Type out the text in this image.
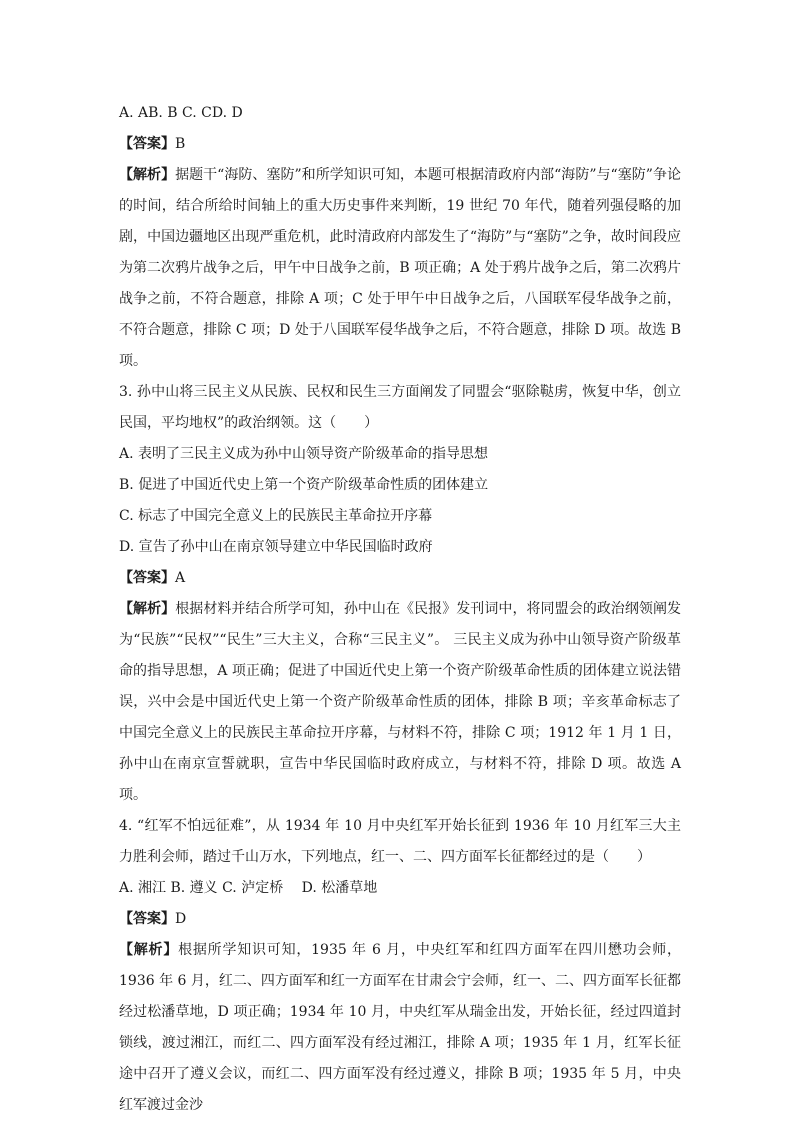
A. AB. B C. CD. D
【答案】B
【解析】据题干“海防、塞防”和所学知识可知，本题可根据清政府内部“海防”与“塞防”争论的时间，结合所给时间轴上的重大历史事件来判断，19 世纪 70 年代，随着列强侵略的加剧，中国边疆地区出现严重危机，此时清政府内部发生了“海防”与“塞防”之争，故时间段应为第二次鸦片战争之后，甲午中日战争之前，B 项正确；A 处于鸦片战争之后，第二次鸦片战争之前，不符合题意，排除 A 项；C 处于甲午中日战争之后，八国联军侵华战争之前，不符合题意，排除 C 项；D 处于八国联军侵华战争之后，不符合题意，排除 D 项。故选 B 项。
3. 孙中山将三民主义从民族、民权和民生三方面阐发了同盟会“驱除鞑虏，恢复中华，创立民国，平均地权”的政治纲领。这（　　）
A. 表明了三民主义成为孙中山领导资产阶级革命的指导思想
B. 促进了中国近代史上第一个资产阶级革命性质的团体建立
C. 标志了中国完全意义上的民族民主革命拉开序幕
D. 宣告了孙中山在南京领导建立中华民国临时政府
【答案】A
【解析】根据材料并结合所学可知，孙中山在《民报》发刊词中，将同盟会的政治纲领阐发为“民族”“民权”“民生”三大主义，合称“三民主义”。 三民主义成为孙中山领导资产阶级革命的指导思想，A 项正确；促进了中国近代史上第一个资产阶级革命性质的团体建立说法错误，兴中会是中国近代史上第一个资产阶级革命性质的团体，排除 B 项；辛亥革命标志了中国完全意义上的民族民主革命拉开序幕，与材料不符，排除 C 项；1912 年 1 月 1 日，孙中山在南京宣誓就职，宣告中华民国临时政府成立，与材料不符，排除 D 项。故选 A 项。
4. “红军不怕远征难”，从 1934 年 10 月中央红军开始长征到 1936 年 10 月红军三大主力胜利会师，踏过千山万水，下列地点，红一、二、四方面军长征都经过的是（　　）
A. 湘江 B. 遵义 C. 泸定桥　 D. 松潘草地
【答案】D
【解析】根据所学知识可知，1935 年 6 月，中央红军和红四方面军在四川懋功会师，1936 年 6 月，红二、四方面军和红一方面军在甘肃会宁会师，红一、二、四方面军长征都经过松潘草地，D 项正确；1934 年 10 月，中央红军从瑞金出发，开始长征，经过四道封锁线，渡过湘江，而红二、四方面军没有经过湘江，排除 A 项；1935 年 1 月，红军长征途中召开了遵义会议，而红二、四方面军没有经过遵义，排除 B 项；1935 年 5 月，中央红军渡过金沙
